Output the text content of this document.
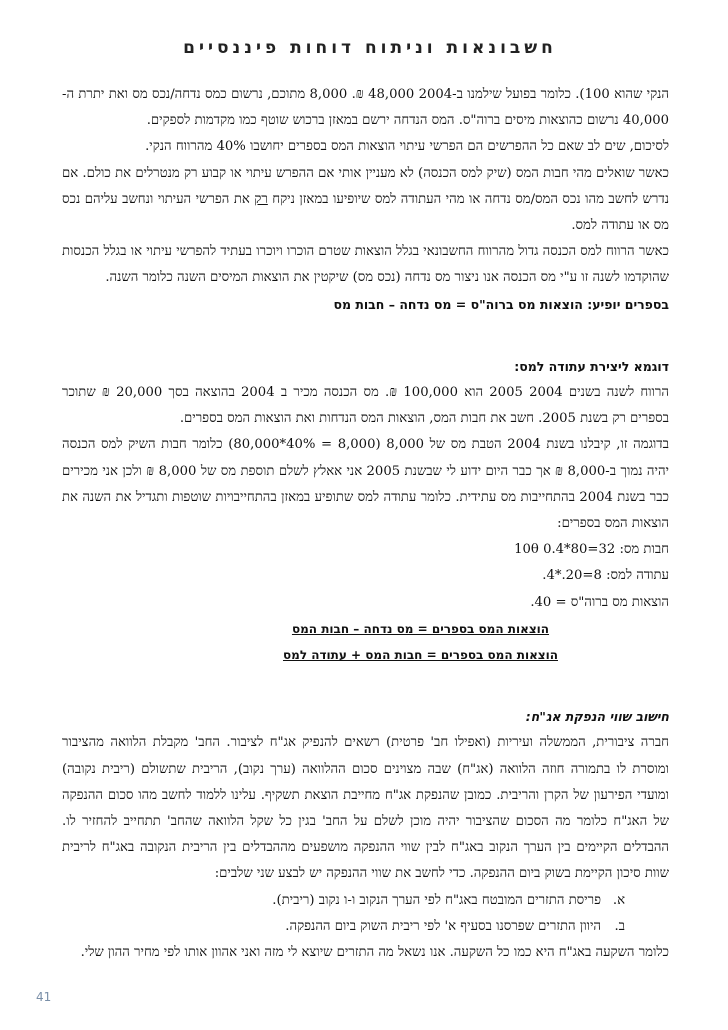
חשבונאות וניתוח דוחות פיננסיים

הנקי שהוא 100). כלומר בפועל שילמנו ב-2004 48,000 ₪. 8,000 מתוכם, נרשום כמס נדחה/נכס מס ואת יתרת ה- 40,000 נרשום כהוצאות מיסים ברוה"ס. המס הנדחה ירשם במאזן ברכוש שוטף כמו מקדמות לספקים.

לסיכום, שים לב שאם כל ההפרשים הם הפרשי עיתוי הוצאות המס בספרים יחושבו 40% מהרווח הנקי.

כאשר שואלים מהי חבות המס (שיק למס הכנסה) לא מעניין אותי אם ההפרש עיתוי או קבוע רק מנטרלים את כולם. אם נדרש לחשב מהו נכס המס/מס נדחה או מהי העתודה למס שיופיעו במאזן ניקח רק את הפרשי העיתוי ונחשב עליהם נכס מס או עתודה למס.

כאשר הרווח למס הכנסה גדול מהרווח החשבונאי בגלל הוצאות שטרם הוכרו ויוכרו בעתיד להפרשי עיתוי או בגלל הכנסות שהוקדמו לשנה זו ע"י מס הכנסה אנו ניצור מס נדחה (נכס מס) שיקטין את הוצאות המיסים השנה כלומר השנה.

בספרים יופיע: הוצאות מס ברוה"ס = מס נדחה – חבות מס

דוגמא ליצירת עתודה למס:

הרווח לשנה בשנים 2004 2005 הוא 100,000 ₪. מס הכנסה מכיר ב 2004 בהוצאה בסך 20,000 ₪ שתוכר בספרים רק בשנת 2005. חשב את חבות המס, הוצאות המס הנדחות ואת הוצאות המס בספרים.

בדוגמה זו, קיבלנו בשנת 2004 הטבת מס של 8,000 (8,000 = 40%*80,000) כלומר חבות השיק למס הכנסה יהיה נמוך ב-8,000 ₪ אך כבר היום ידוע לי שבשנת 2005 אני אאלץ לשלם תוספת מס של 8,000 ₪ ולכן אני מכירים כבר בשנת 2004 בהתחייבות מס עתידית. כלומר עתודה למס שתופיע במאזן בהתחייבויות שוטפות ותגדיל את השנה את הוצאות המס בספרים:

חבות מס: 32=80*0.4 10θ

עתודה למס: 8=20.*4.

הוצאות מס ברוה"ס = 40.

הוצאות המס בספרים = מס נדחה – חבות המס

הוצאות המס בספרים = חבות המס + עתודה למס

חישוב שווי הנפקת אג"ח:

חברה ציבורית, הממשלה ועיריות (ואפילו חב' פרטית) רשאים להנפיק אג"ח לציבור. החב' מקבלת הלוואה מהציבור ומוסרת לו בתמורה חוזה הלוואה (אג"ח) שבה מצוינים סכום ההלוואה (ערך נקוב), הריבית שתשולם (ריבית נקובה) ומועדי הפירעון של הקרן והריבית. כמובן שהנפקת אג"ח מחייבת הוצאת תשקיף. עלינו ללמוד לחשב מהו סכום ההנפקה של האג"ח כלומר מה הסכום שהציבור יהיה מוכן לשלם על החב' בגין כל שקל הלוואה שהחב' תתחייב להחזיר לו. ההבדלים הקיימים בין הערך הנקוב באג"ח לבין שווי ההנפקה מושפעים מההבדלים בין הריבית הנקובה באג"ח לריבית שוות סיכון הקיימת בשוק ביום ההנפקה. כדי לחשב את שווי ההנפקה יש לבצע שני שלבים:

א.פריסת התזרים המובטח באג"ח לפי הערך הנקוב ו-ו נקוב (ריבית).

ב.היוון התזרים שפרסנו בסעיף א' לפי ריבית השוק ביום ההנפקה.

כלומר השקעה באג"ח היא כמו כל השקעה. אנו נשאל מה התזרים שיוצא לי מזה ואני אהוון אותו לפי מחיר ההון שלי.

41
